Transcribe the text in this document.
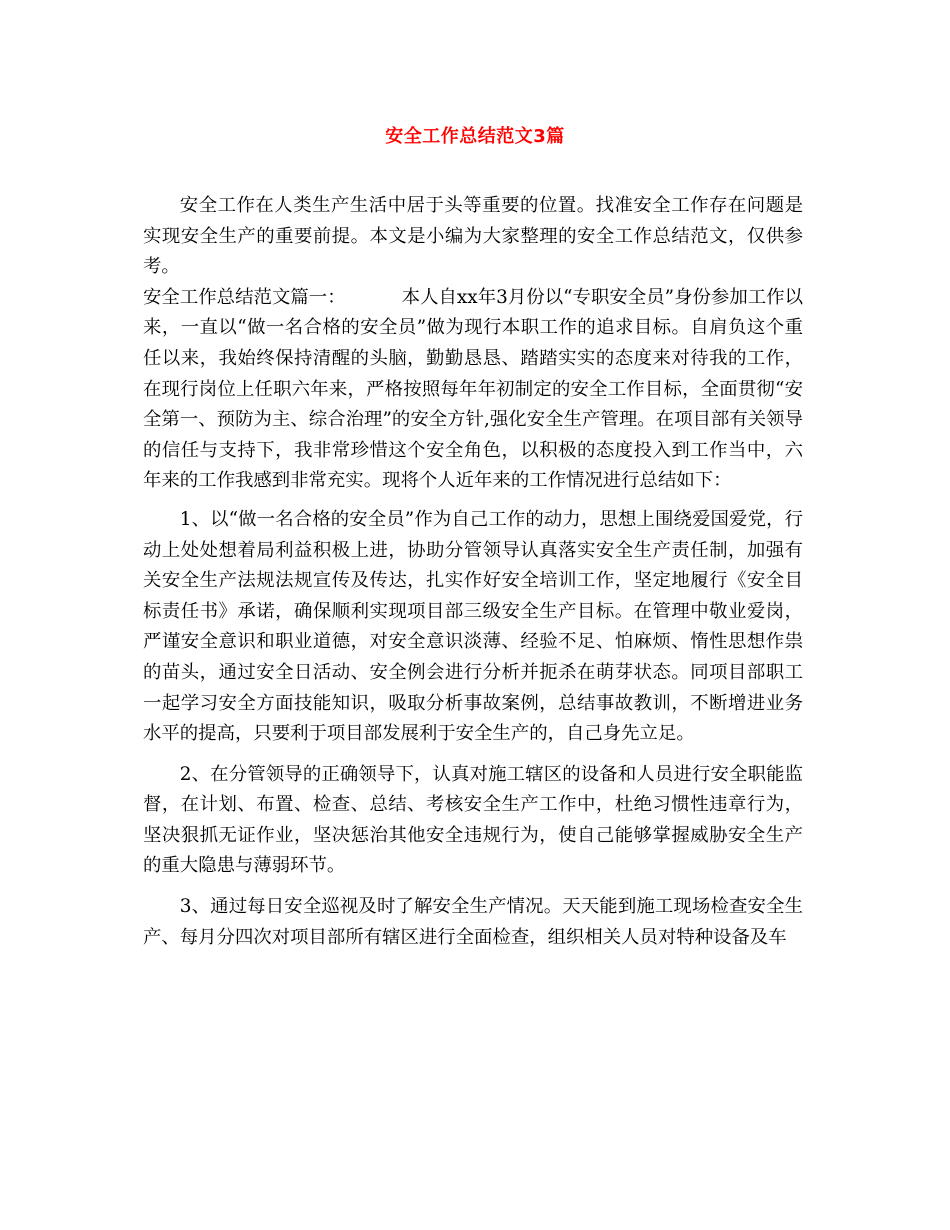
安全工作总结范文3篇

安全工作在人类生产生活中居于头等重要的位置。找准安全工作存在问题是实现安全生产的重要前提。本文是小编为大家整理的安全工作总结范文，仅供参考。

安全工作总结范文篇一：	本人自xx年3月份以“专职安全员”身份参加工作以来，一直以“做一名合格的安全员”做为现行本职工作的追求目标。自肩负这个重任以来，我始终保持清醒的头脑，勤勤恳恳、踏踏实实的态度来对待我的工作，在现行岗位上任职六年来，严格按照每年年初制定的安全工作目标，全面贯彻“安全第一、预防为主、综合治理”的安全方针,强化安全生产管理。在项目部有关领导的信任与支持下，我非常珍惜这个安全角色，以积极的态度投入到工作当中，六年来的工作我感到非常充实。现将个人近年来的工作情况进行总结如下：

1、以“做一名合格的安全员”作为自己工作的动力，思想上围绕爱国爱党，行动上处处想着局利益积极上进，协助分管领导认真落实安全生产责任制，加强有关安全生产法规法规宣传及传达，扎实作好安全培训工作，坚定地履行《安全目标责任书》承诺，确保顺利实现项目部三级安全生产目标。在管理中敬业爱岗，严谨安全意识和职业道德，对安全意识淡薄、经验不足、怕麻烦、惰性思想作祟的苗头，通过安全日活动、安全例会进行分析并扼杀在萌芽状态。同项目部职工一起学习安全方面技能知识，吸取分析事故案例，总结事故教训，不断增进业务水平的提高，只要利于项目部发展利于安全生产的，自己身先立足。

2、在分管领导的正确领导下，认真对施工辖区的设备和人员进行安全职能监督，在计划、布置、检查、总结、考核安全生产工作中，杜绝习惯性违章行为，坚决狠抓无证作业，坚决惩治其他安全违规行为，使自己能够掌握威胁安全生产的重大隐患与薄弱环节。

3、通过每日安全巡视及时了解安全生产情况。天天能到施工现场检查安全生产、每月分四次对项目部所有辖区进行全面检查，组织相关人员对特种设备及车
